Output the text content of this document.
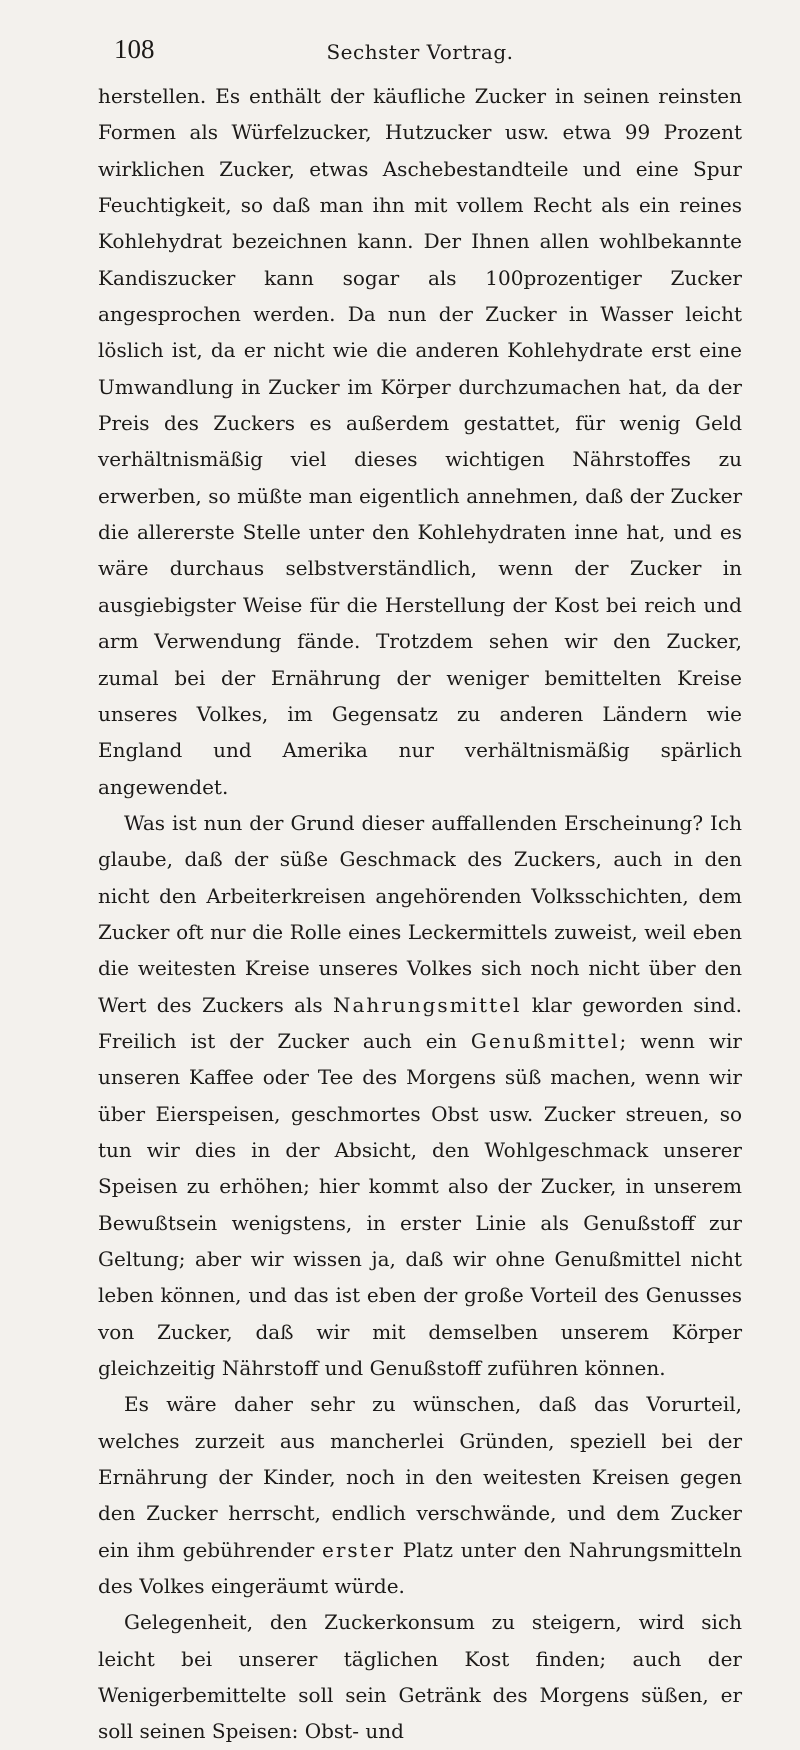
108	Sechster Vortrag.

herstellen. Es enthält der käufliche Zucker in seinen reinsten Formen als Würfelzucker, Hutzucker usw. etwa 99 Prozent wirklichen Zucker, etwas Aschebestandteile und eine Spur Feuchtigkeit, so daß man ihn mit vollem Recht als ein reines Kohlehydrat bezeichnen kann. Der Ihnen allen wohlbekannte Kandiszucker kann sogar als 100prozentiger Zucker angesprochen werden. Da nun der Zucker in Wasser leicht löslich ist, da er nicht wie die anderen Kohlehydrate erst eine Umwandlung in Zucker im Körper durchzumachen hat, da der Preis des Zuckers es außerdem gestattet, für wenig Geld verhältnismäßig viel dieses wichtigen Nährstoffes zu erwerben, so müßte man eigentlich annehmen, daß der Zucker die allererste Stelle unter den Kohlehydraten inne hat, und es wäre durchaus selbstverständlich, wenn der Zucker in ausgiebigster Weise für die Herstellung der Kost bei reich und arm Verwendung fände. Trotzdem sehen wir den Zucker, zumal bei der Ernährung der weniger bemittelten Kreise unseres Volkes, im Gegensatz zu anderen Ländern wie England und Amerika nur verhältnismäßig spärlich angewendet.

Was ist nun der Grund dieser auffallenden Erscheinung? Ich glaube, daß der süße Geschmack des Zuckers, auch in den nicht den Arbeiterkreisen angehörenden Volksschichten, dem Zucker oft nur die Rolle eines Leckermittels zuweist, weil eben die weitesten Kreise unseres Volkes sich noch nicht über den Wert des Zuckers als Nahrungsmittel klar geworden sind. Freilich ist der Zucker auch ein Genußmittel; wenn wir unseren Kaffee oder Tee des Morgens süß machen, wenn wir über Eierspeisen, geschmortes Obst usw. Zucker streuen, so tun wir dies in der Absicht, den Wohlgeschmack unserer Speisen zu erhöhen; hier kommt also der Zucker, in unserem Bewußtsein wenigstens, in erster Linie als Genußstoff zur Geltung; aber wir wissen ja, daß wir ohne Genußmittel nicht leben können, und das ist eben der große Vorteil des Genusses von Zucker, daß wir mit demselben unserem Körper gleichzeitig Nährstoff und Genußstoff zuführen können.

Es wäre daher sehr zu wünschen, daß das Vorurteil, welches zurzeit aus mancherlei Gründen, speziell bei der Ernährung der Kinder, noch in den weitesten Kreisen gegen den Zucker herrscht, endlich verschwände, und dem Zucker ein ihm gebührender erster Platz unter den Nahrungsmitteln des Volkes eingeräumt würde.

Gelegenheit, den Zuckerkonsum zu steigern, wird sich leicht bei unserer täglichen Kost finden; auch der Wenigerbemittelte soll sein Getränk des Morgens süßen, er soll seinen Speisen: Obst- und
